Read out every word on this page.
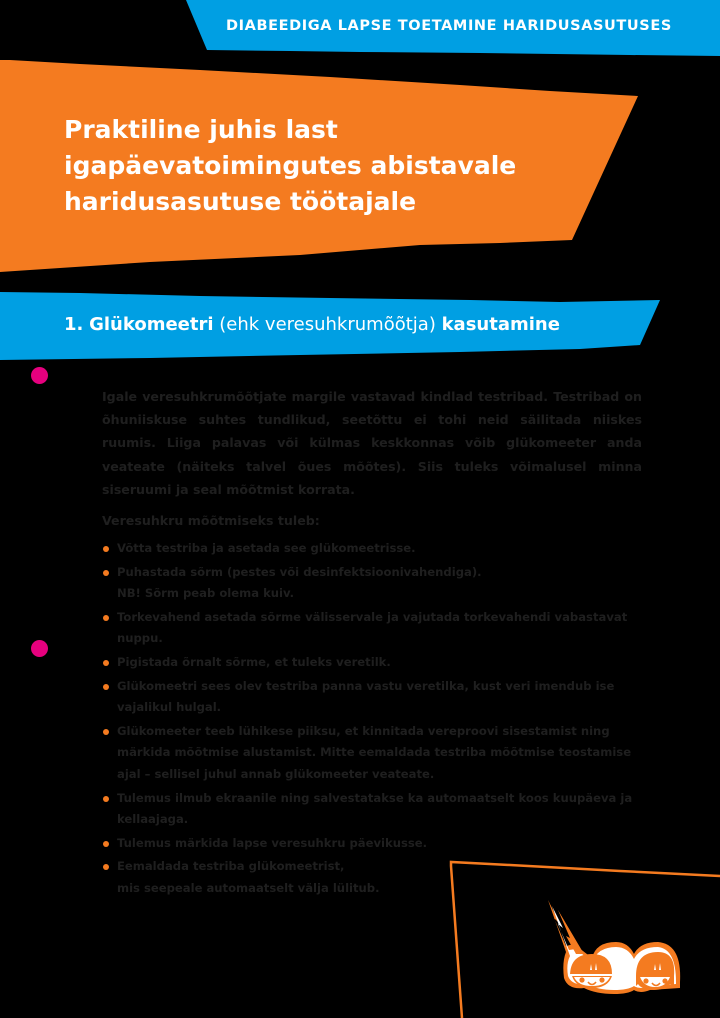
DIABEEDIGA LAPSE TOETAMINE HARIDUSASUTUSES
Praktiline juhis last
igapäevatoimingutes abistavale
haridusasutuse töötajale
1. Glükomeetri (ehk veresuhkrumõõtja) kasutamine
Igale veresuhkrumõõtjate margile vastavad kindlad testribad. Testribad on õhuniiskuse suhtes tundlikud, seetõttu ei tohi neid säilitada niiskes ruumis. Liiga palavas või külmas keskkonnas võib glükomeeter anda veateate (näiteks talvel õues mõõtes). Siis tuleks võimalusel minna siseruumi ja seal mõõtmist korrata.
Veresuhkru mõõtmiseks tuleb:
Võtta testriba ja asetada see glükomeetrisse.
Puhastada sõrm (pestes või desinfektsioonivahendiga).
NB! Sõrm peab olema kuiv.
Torkevahend asetada sõrme välisservale ja vajutada torkevahendi vabastavat
nuppu.
Pigistada õrnalt sõrme, et tuleks veretilk.
Glükomeetri sees olev testriba panna vastu veretilka, kust veri imendub ise
vajalikul hulgal.
Glükomeeter teeb lühikese piiksu, et kinnitada vereproovi sisestamist ning
märkida mõõtmise alustamist. Mitte eemaldada testriba mõõtmise teostamise
ajal – sellisel juhul annab glükomeeter veateate.
Tulemus ilmub ekraanile ning salvestatakse ka automaatselt koos kuupäeva ja
kellaajaga.
Tulemus märkida lapse veresuhkru päevikusse.
Eemaldada testriba glükomeetrist,
mis seepeale automaatselt välja lülitub.
